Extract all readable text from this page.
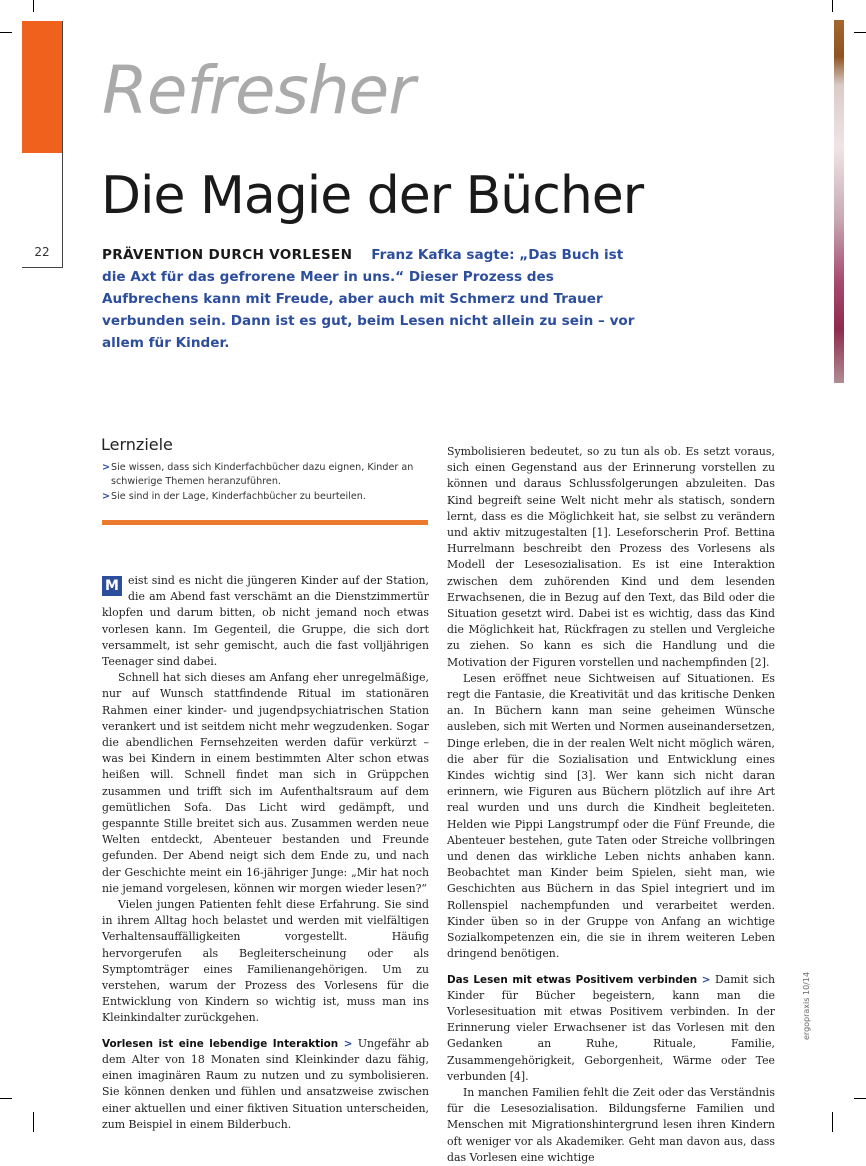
22
Refresher
Die Magie der Bücher
PRÄVENTION DURCH VORLESEN Franz Kafka sagte: „Das Buch ist die Axt für das gefrorene Meer in uns.“ Dieser Prozess des Aufbrechens kann mit Freude, aber auch mit Schmerz und Trauer verbunden sein. Dann ist es gut, beim Lesen nicht allein zu sein – vor allem für Kinder.
Lernziele
> Sie wissen, dass sich Kinderfachbücher dazu eignen, Kinder an schwierige Themen heranzuführen.
> Sie sind in der Lage, Kinderfachbücher zu beurteilen.

M eist sind es nicht die jüngeren Kinder auf der Station, die am Abend fast verschämt an die Dienstzimmertür klopfen und darum bitten, ob nicht jemand noch etwas vorlesen kann. Im Gegenteil, die Gruppe, die sich dort versammelt, ist sehr gemischt, auch die fast volljährigen Teenager sind dabei.

Schnell hat sich dieses am Anfang eher unregelmäßige, nur auf Wunsch stattfindende Ritual im stationären Rahmen einer kinder- und jugendpsychiatrischen Station verankert und ist seitdem nicht mehr wegzudenken. Sogar die abendlichen Fernsehzeiten werden dafür verkürzt – was bei Kindern in einem bestimmten Alter schon etwas heißen will. Schnell findet man sich in Grüppchen zusammen und trifft sich im Aufenthaltsraum auf dem gemütlichen Sofa. Das Licht wird gedämpft, und gespannte Stille breitet sich aus. Zusammen werden neue Welten entdeckt, Abenteuer bestanden und Freunde gefunden. Der Abend neigt sich dem Ende zu, und nach der Geschichte meint ein 16-jähriger Junge: „Mir hat noch nie jemand vorgelesen, können wir morgen wieder lesen?“

Vielen jungen Patienten fehlt diese Erfahrung. Sie sind in ihrem Alltag hoch belastet und werden mit vielfältigen Verhaltensauffälligkeiten vorgestellt. Häufig hervorgerufen als Begleiterscheinung oder als Symptomträger eines Familienangehörigen. Um zu verstehen, warum der Prozess des Vorlesens für die Entwicklung von Kindern so wichtig ist, muss man ins Kleinkindalter zurückgehen.

Vorlesen ist eine lebendige Interaktion > Ungefähr ab dem Alter von 18 Monaten sind Kleinkinder dazu fähig, einen imaginären Raum zu nutzen und zu symbolisieren. Sie können denken und fühlen und ansatzweise zwischen einer aktuellen und einer fiktiven Situation unterscheiden, zum Beispiel in einem Bilderbuch.

Symbolisieren bedeutet, so zu tun als ob. Es setzt voraus, sich einen Gegenstand aus der Erinnerung vorstellen zu können und daraus Schlussfolgerungen abzuleiten. Das Kind begreift seine Welt nicht mehr als statisch, sondern lernt, dass es die Möglichkeit hat, sie selbst zu verändern und aktiv mitzugestalten [1]. Leseforscherin Prof. Bettina Hurrelmann beschreibt den Prozess des Vorlesens als Modell der Lesesozialisation. Es ist eine Interaktion zwischen dem zuhörenden Kind und dem lesenden Erwachsenen, die in Bezug auf den Text, das Bild oder die Situation gesetzt wird. Dabei ist es wichtig, dass das Kind die Möglichkeit hat, Rückfragen zu stellen und Vergleiche zu ziehen. So kann es sich die Handlung und die Motivation der Figuren vorstellen und nachempfinden [2].

Lesen eröffnet neue Sichtweisen auf Situationen. Es regt die Fantasie, die Kreativität und das kritische Denken an. In Büchern kann man seine geheimen Wünsche ausleben, sich mit Werten und Normen auseinandersetzen, Dinge erleben, die in der realen Welt nicht möglich wären, die aber für die Sozialisation und Entwicklung eines Kindes wichtig sind [3]. Wer kann sich nicht daran erinnern, wie Figuren aus Büchern plötzlich auf ihre Art real wurden und uns durch die Kindheit begleiteten. Helden wie Pippi Langstrumpf oder die Fünf Freunde, die Abenteuer bestehen, gute Taten oder Streiche vollbringen und denen das wirkliche Leben nichts anhaben kann. Beobachtet man Kinder beim Spielen, sieht man, wie Geschichten aus Büchern in das Spiel integriert und im Rollenspiel nachempfunden und verarbeitet werden. Kinder üben so in der Gruppe von Anfang an wichtige Sozialkompetenzen ein, die sie in ihrem weiteren Leben dringend benötigen.

Das Lesen mit etwas Positivem verbinden > Damit sich Kinder für Bücher begeistern, kann man die Vorlesesituation mit etwas Positivem verbinden. In der Erinnerung vieler Erwachsener ist das Vorlesen mit den Gedanken an Ruhe, Rituale, Familie, Zusammengehörigkeit, Geborgenheit, Wärme oder Tee verbunden [4].

In manchen Familien fehlt die Zeit oder das Verständnis für die Lesesozialisation. Bildungsferne Familien und Menschen mit Migrationshintergrund lesen ihren Kindern oft weniger vor als Akademiker. Geht man davon aus, dass das Vorlesen eine wichtige

ergopraxis 10/14
